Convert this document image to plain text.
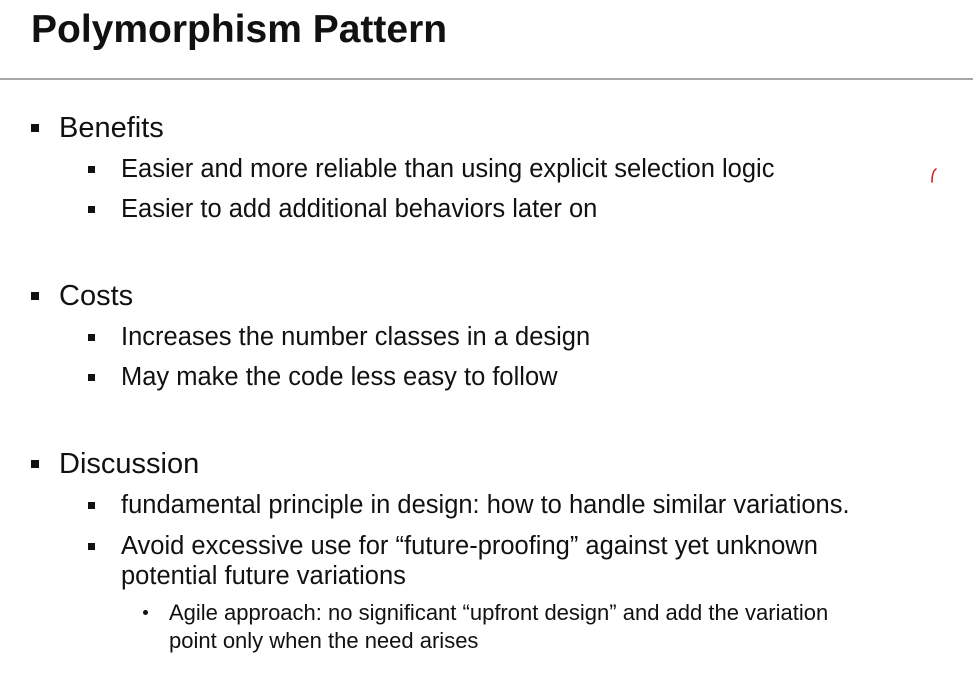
Polymorphism Pattern
Benefits
Easier and more reliable than using explicit selection logic
Easier to add additional behaviors later on
Costs
Increases the number classes in a design
May make the code less easy to follow
Discussion
fundamental principle in design: how to handle similar variations.
Avoid excessive use for “future-proofing” against yet unknown
potential future variations
Agile approach: no significant “upfront design” and add the variation
point only when the need arises
